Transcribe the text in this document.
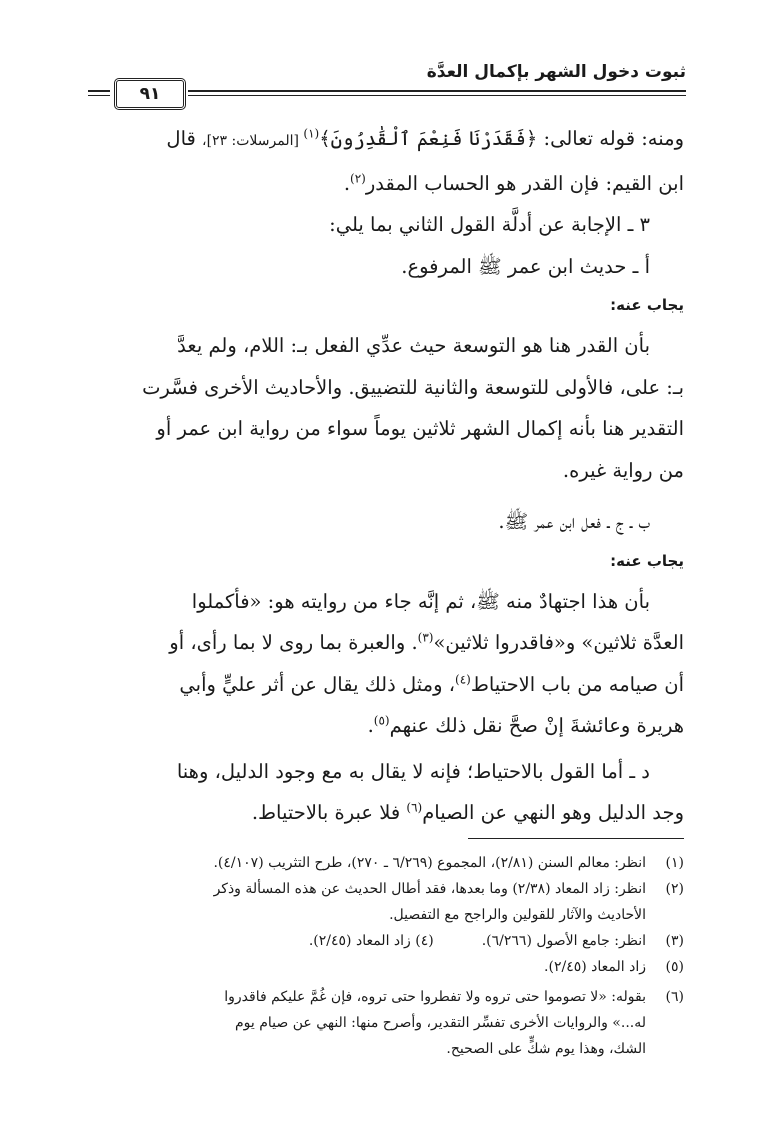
ثبوت دخول الشهر بإكمال العدَّة
٩١
ومنه: قوله تعالى: ﴿فَقَدَرْنَا فَنِعْمَ ٱلْقَٰدِرُونَ﴾$^{(١)}$ [المرسلات: ٢٣]، قال
ابن القيم: فإن القدر هو الحساب المقدر$^{(٢)}$.
٣ ـ الإجابة عن أدلَّة القول الثاني بما يلي:
أ ـ حديث ابن عمر ﷺ المرفوع.
يجاب عنه:
بأن القدر هنا هو التوسعة حيث عدِّي الفعل بـ: اللام، ولم يعدَّ
بـ: على، فالأولى للتوسعة والثانية للتضييق. والأحاديث الأخرى فسَّرت
التقدير هنا بأنه إكمال الشهر ثلاثين يوماً سواء من رواية ابن عمر أو
من رواية غيره.
ب ـ ج ـ فعل ابن عمر ﷺ.
يجاب عنه:
بأن هذا اجتهادٌ منه ﷺ، ثم إنَّه جاء من روايته هو: «فأكملوا
العدَّة ثلاثين» و«فاقدروا ثلاثين»$^{(٣)}$. والعبرة بما روى لا بما رأى، أو
أن صيامه من باب الاحتياط$^{(٤)}$، ومثل ذلك يقال عن أثر عليٍّ وأبي
هريرة وعائشةَ إنْ صحَّ نقل ذلك عنهم$^{(٥)}$.
د ـ أما القول بالاحتياط؛ فإنه لا يقال به مع وجود الدليل، وهنا
وجد الدليل وهو النهي عن الصيام$^{(٦)}$ فلا عبرة بالاحتياط.
(١)
انظر: معالم السنن (٢/٨١)، المجموع (٦/٢٦٩ ـ ٢٧٠)، طرح التثريب (٤/١٠٧).
(٢)
انظر: زاد المعاد (٢/٣٨) وما بعدها، فقد أطال الحديث عن هذه المسألة وذكر
الأحاديث والآثار للقولين والراجح مع التفصيل.
(٣)
انظر: جامع الأصول (٦/٢٦٦).
(٤) زاد المعاد (٢/٤٥).
(٥)
زاد المعاد (٢/٤٥).
(٦)
بقوله: «لا تصوموا حتى تروه ولا تفطروا حتى تروه، فإن غُمَّ عليكم فاقدروا
له...» والروايات الأخرى تفسِّر التقدير، وأصرح منها: النهي عن صيام يوم
الشك، وهذا يوم شكٍّ على الصحيح.
